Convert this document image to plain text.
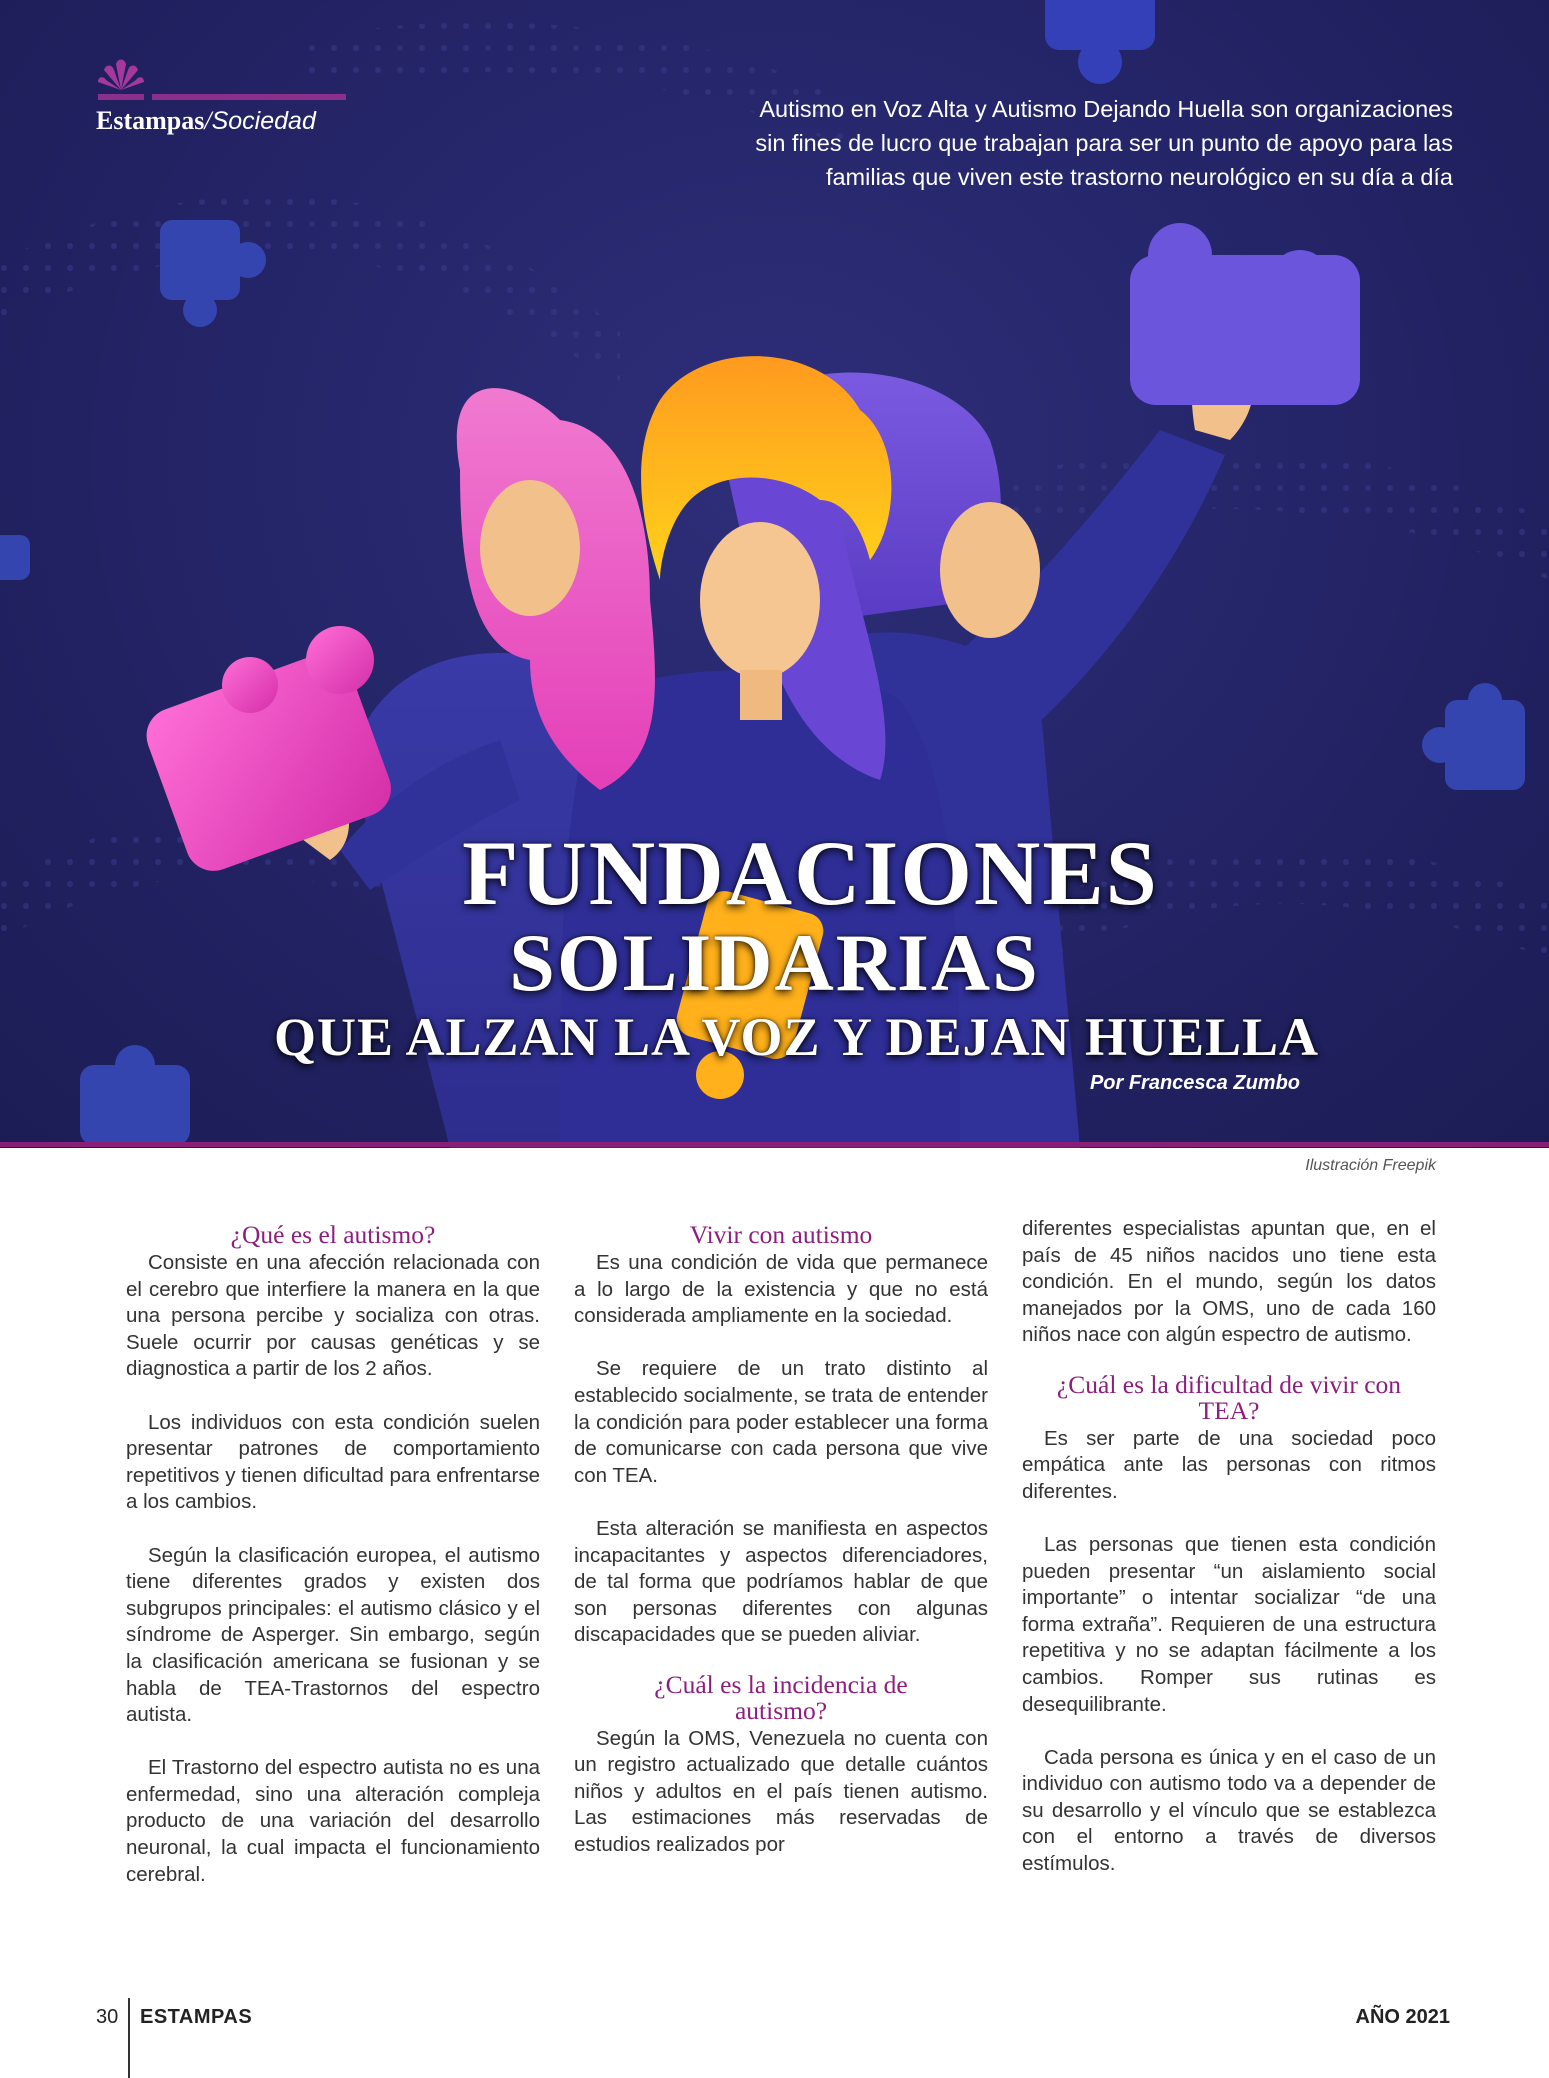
Estampas/Sociedad	Autismo en Voz Alta y Autismo Dejando Huella son organizaciones sin fines de lucro que trabajan para ser un punto de apoyo para las familias que viven este trastorno neurológico en su día a día
FUNDACIONES
SOLIDARIAS
QUE ALZAN LA VOZ Y DEJAN HUELLA
Por Francesca Zumbo
Ilustración Freepik
¿Qué es el autismo?

Consiste en una afección relacionada con el cerebro que interfiere la manera en la que una persona percibe y socializa con otras. Suele ocurrir por causas genéticas y se diagnostica a partir de los 2 años.

Los individuos con esta condición suelen presentar patrones de comportamiento repetitivos y tienen dificultad para enfrentarse a los cambios.

Según la clasificación europea, el autismo tiene diferentes grados y existen dos subgrupos principales: el autismo clásico y el síndrome de Asperger. Sin embargo, según la clasificación americana se fusionan y se habla de TEA-Trastornos del espectro autista.

El Trastorno del espectro autista no es una enfermedad, sino una alteración compleja producto de una variación del desarrollo neuronal, la cual impacta el funcionamiento cerebral.

Vivir con autismo

Es una condición de vida que permanece a lo largo de la existencia y que no está considerada ampliamente en la sociedad.

Se requiere de un trato distinto al establecido socialmente, se trata de entender la condición para poder establecer una forma de comunicarse con cada persona que vive con TEA.

Esta alteración se manifiesta en aspectos incapacitantes y aspectos diferenciadores, de tal forma que podríamos hablar de que son personas diferentes con algunas discapacidades que se pueden aliviar.

¿Cuál es la incidencia de autismo?

Según la OMS, Venezuela no cuenta con un registro actualizado que detalle cuántos niños y adultos en el país tienen autismo. Las estimaciones más reservadas de estudios realizados por

diferentes especialistas apuntan que, en el país de 45 niños nacidos uno tiene esta condición. En el mundo, según los datos manejados por la OMS, uno de cada 160 niños nace con algún espectro de autismo.

¿Cuál es la dificultad de vivir con TEA?

Es ser parte de una sociedad poco empática ante las personas con ritmos diferentes.

Las personas que tienen esta condición pueden presentar “un aislamiento social importante” o intentar socializar “de una forma extraña”. Requieren de una estructura repetitiva y no se adaptan fácilmente a los cambios. Romper sus rutinas es desequilibrante.

Cada persona es única y en el caso de un individuo con autismo todo va a depender de su desarrollo y el vínculo que se establezca con el entorno a través de diversos estímulos.

30 ESTAMPAS	AÑO 2021
